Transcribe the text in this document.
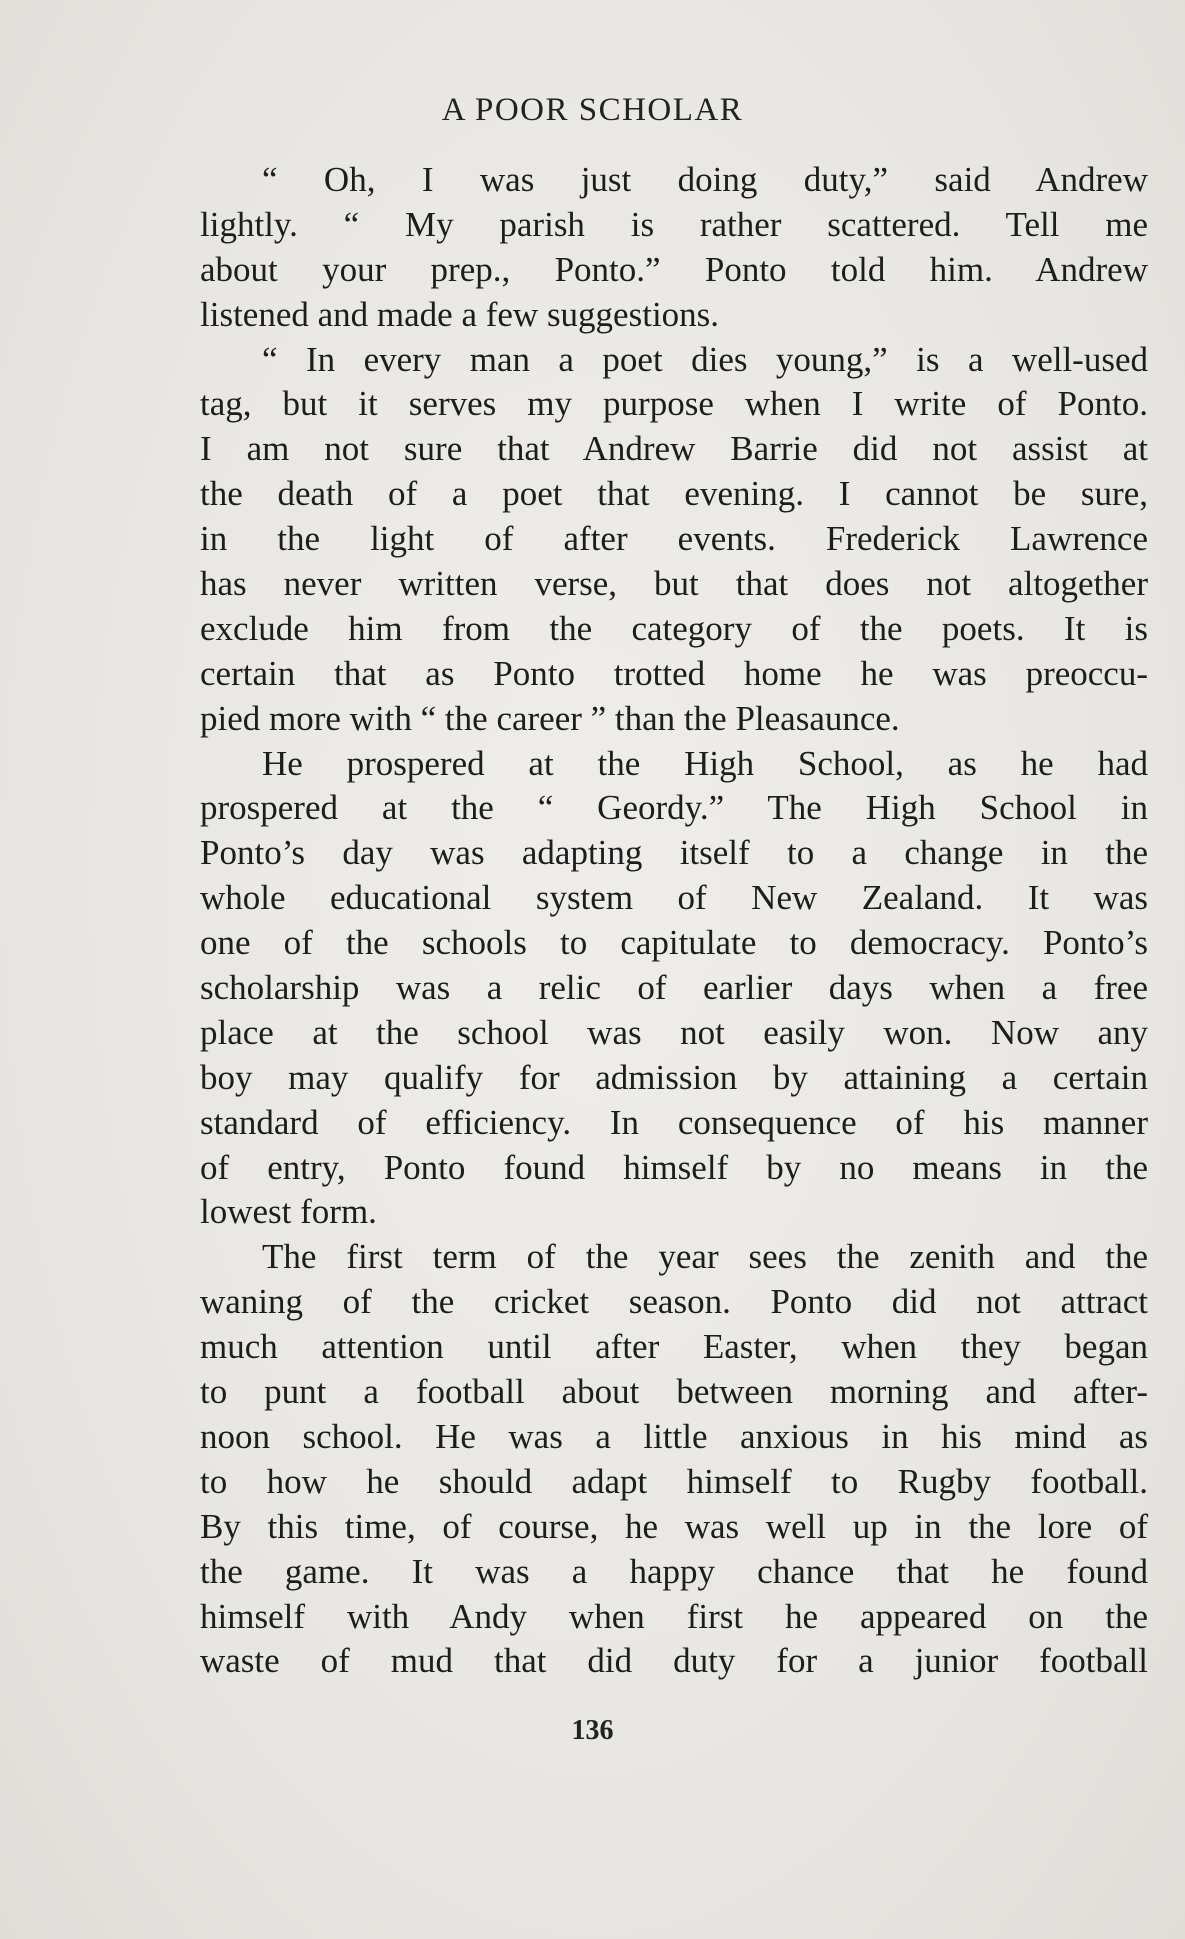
A POOR SCHOLAR
“ Oh, I was just doing duty,” said Andrew
lightly. “ My parish is rather scattered. Tell me
about your prep., Ponto.” Ponto told him. Andrew
listened and made a few suggestions.
“ In every man a poet dies young,” is a well-used
tag, but it serves my purpose when I write of Ponto.
I am not sure that Andrew Barrie did not assist at
the death of a poet that evening. I cannot be sure,
in the light of after events. Frederick Lawrence
has never written verse, but that does not altogether
exclude him from the category of the poets. It is
certain that as Ponto trotted home he was preoccu-
pied more with “ the career ” than the Pleasaunce.
He prospered at the High School, as he had
prospered at the “ Geordy.” The High School in
Ponto’s day was adapting itself to a change in the
whole educational system of New Zealand. It was
one of the schools to capitulate to democracy. Ponto’s
scholarship was a relic of earlier days when a free
place at the school was not easily won. Now any
boy may qualify for admission by attaining a certain
standard of efficiency. In consequence of his manner
of entry, Ponto found himself by no means in the
lowest form.
The first term of the year sees the zenith and the
waning of the cricket season. Ponto did not attract
much attention until after Easter, when they began
to punt a football about between morning and after-
noon school. He was a little anxious in his mind as
to how he should adapt himself to Rugby football.
By this time, of course, he was well up in the lore of
the game. It was a happy chance that he found
himself with Andy when first he appeared on the
waste of mud that did duty for a junior football
136
